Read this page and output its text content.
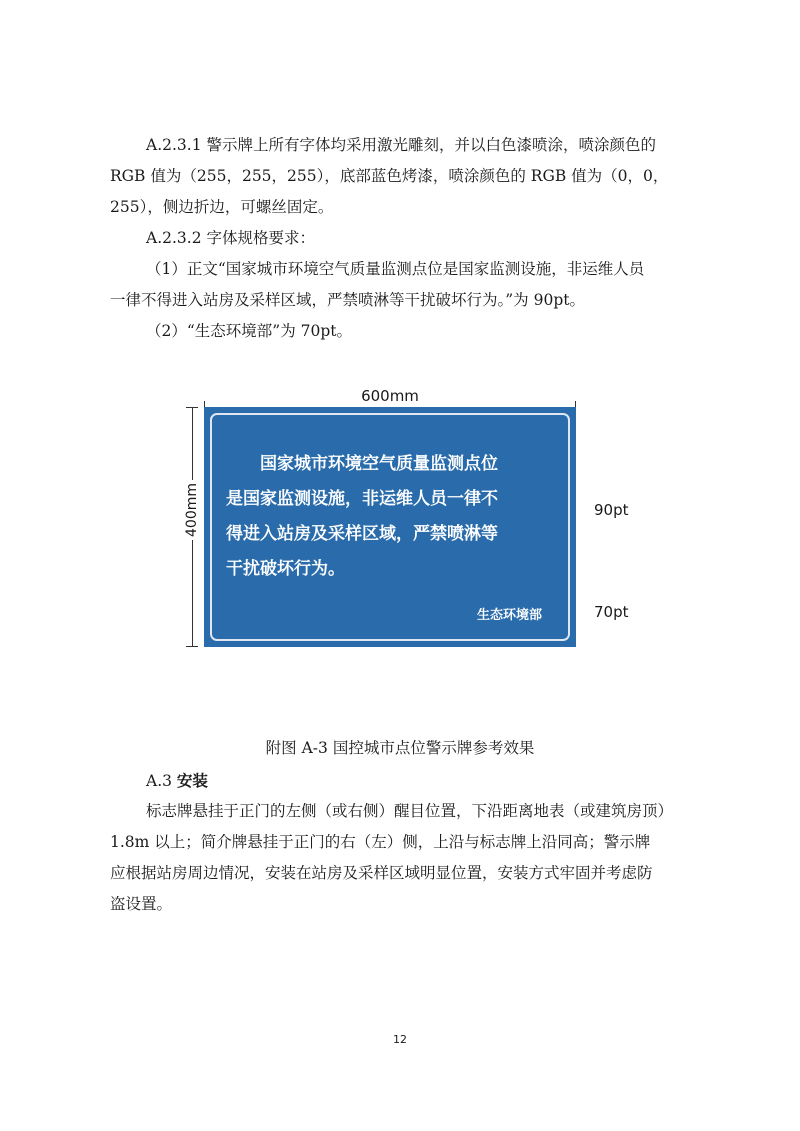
A.2.3.1 警示牌上所有字体均采用激光雕刻，并以白色漆喷涂，喷涂颜色的
RGB 值为（255，255，255），底部蓝色烤漆，喷涂颜色的 RGB 值为（0，0，
255），侧边折边，可螺丝固定。

A.2.3.2 字体规格要求：

（1）正文“国家城市环境空气质量监测点位是国家监测设施，非运维人员
一律不得进入站房及采样区域，严禁喷淋等干扰破坏行为。”为 90pt。

（2）“生态环境部”为 70pt。

600mm
400mm
国家城市环境空气质量监测点位
是国家监测设施，非运维人员一律不
得进入站房及采样区域，严禁喷淋等
干扰破坏行为。
生态环境部
90pt
70pt
附图 A-3 国控城市点位警示牌参考效果
A.3 安装

标志牌悬挂于正门的左侧（或右侧）醒目位置，下沿距离地表（或建筑房顶）
1.8m 以上；简介牌悬挂于正门的右（左）侧，上沿与标志牌上沿同高；警示牌
应根据站房周边情况，安装在站房及采样区域明显位置，安装方式牢固并考虑防
盗设置。

12
